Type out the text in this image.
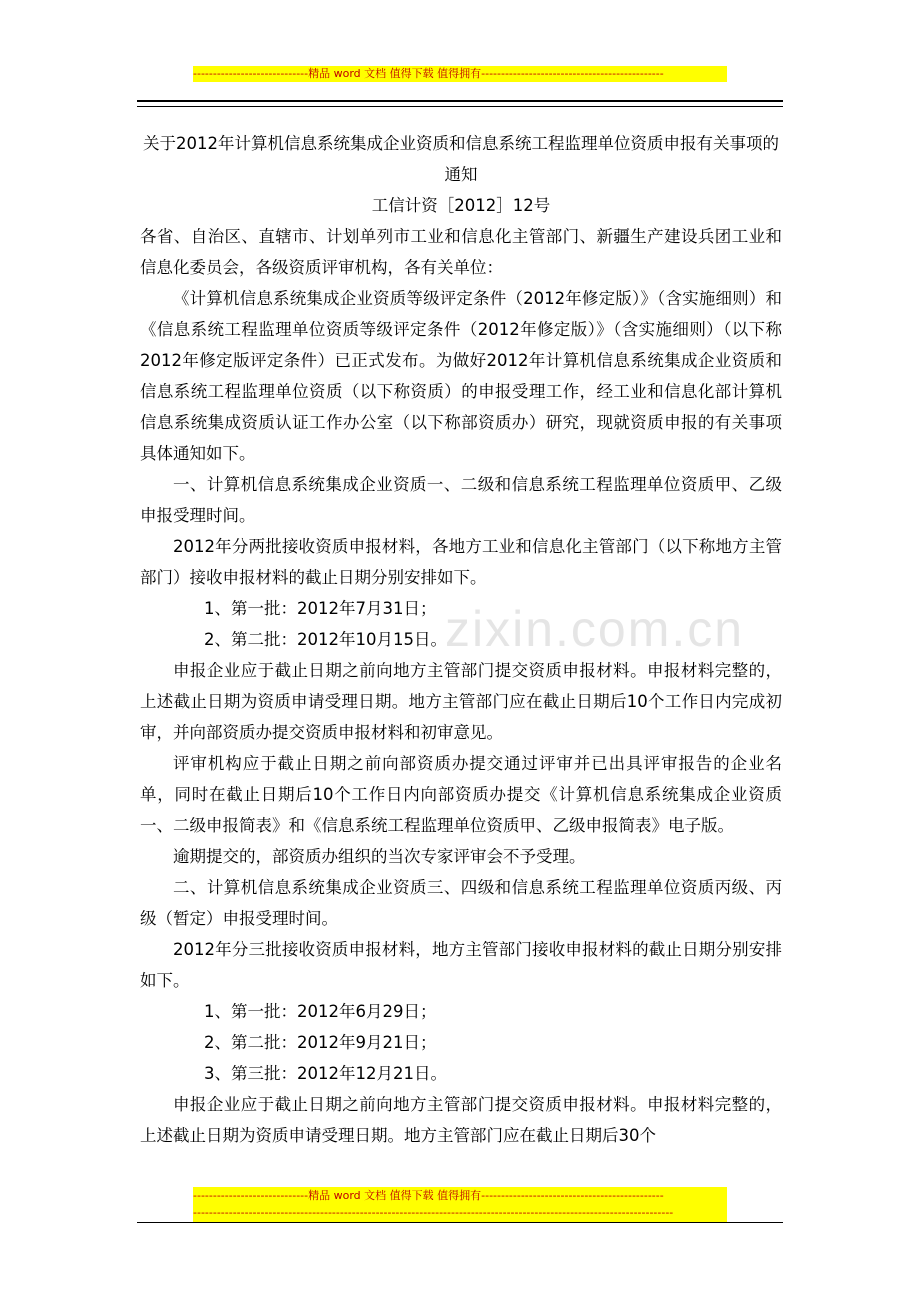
-----------------------------精品 word 文档 值得下载 值得拥有----------------------------------------------
zixin.com.cn

关于2012年计算机信息系统集成企业资质和信息系统工程监理单位资质申报有关事项的通知

工信计资［2012］12号

各省、自治区、直辖市、计划单列市工业和信息化主管部门、新疆生产建设兵团工业和信息化委员会，各级资质评审机构，各有关单位：

《计算机信息系统集成企业资质等级评定条件（2012年修定版）》（含实施细则）和《信息系统工程监理单位资质等级评定条件（2012年修定版）》（含实施细则）（以下称2012年修定版评定条件）已正式发布。为做好2012年计算机信息系统集成企业资质和信息系统工程监理单位资质（以下称资质）的申报受理工作，经工业和信息化部计算机信息系统集成资质认证工作办公室（以下称部资质办）研究，现就资质申报的有关事项具体通知如下。

一、计算机信息系统集成企业资质一、二级和信息系统工程监理单位资质甲、乙级申报受理时间。

2012年分两批接收资质申报材料，各地方工业和信息化主管部门（以下称地方主管部门）接收申报材料的截止日期分别安排如下。

1、第一批：2012年7月31日；

2、第二批：2012年10月15日。

申报企业应于截止日期之前向地方主管部门提交资质申报材料。申报材料完整的，上述截止日期为资质申请受理日期。地方主管部门应在截止日期后10个工作日内完成初审，并向部资质办提交资质申报材料和初审意见。

评审机构应于截止日期之前向部资质办提交通过评审并已出具评审报告的企业名单，同时在截止日期后10个工作日内向部资质办提交《计算机信息系统集成企业资质一、二级申报简表》和《信息系统工程监理单位资质甲、乙级申报简表》电子版。

逾期提交的，部资质办组织的当次专家评审会不予受理。

二、计算机信息系统集成企业资质三、四级和信息系统工程监理单位资质丙级、丙级（暂定）申报受理时间。

2012年分三批接收资质申报材料，地方主管部门接收申报材料的截止日期分别安排如下。

1、第一批：2012年6月29日；

2、第二批：2012年9月21日；

3、第三批：2012年12月21日。

申报企业应于截止日期之前向地方主管部门提交资质申报材料。申报材料完整的，上述截止日期为资质申请受理日期。地方主管部门应在截止日期后30个

-----------------------------精品 word 文档 值得下载 值得拥有----------------------------------------------
-------------------------------------------------------------------------------------------------------------------------
